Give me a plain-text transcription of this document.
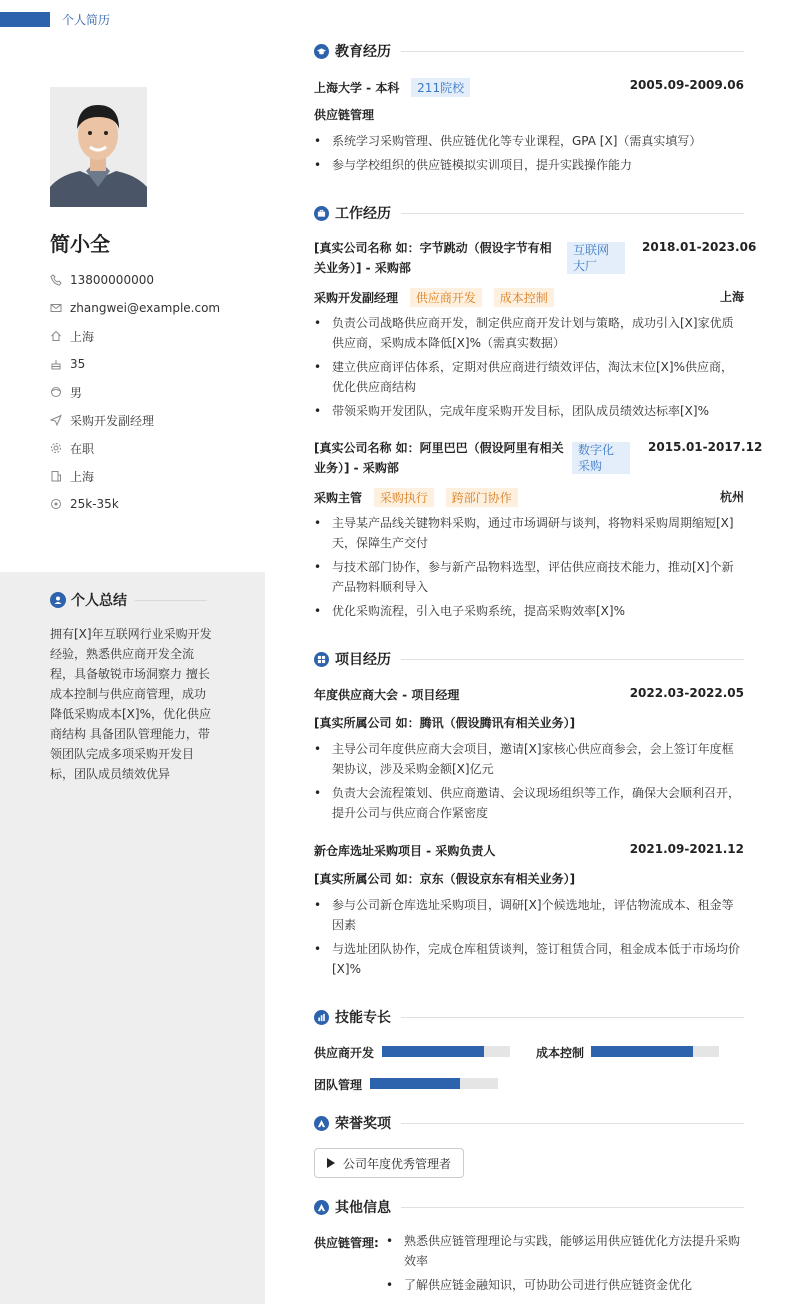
个人简历
简小全
13800000000
zhangwei@example.com
上海
35
男
采购开发副经理
在职
上海
25k-35k
个人总结
拥有[X]年互联网行业采购开发经验，熟悉供应商开发全流程，具备敏锐市场洞察力 擅长成本控制与供应商管理，成功降低采购成本[X]%，优化供应商结构 具备团队管理能力，带领团队完成多项采购开发目标，团队成员绩效优异
教育经历
上海大学 - 本科 211院校	2005.09-2009.06
供应链管理
• 系统学习采购管理、供应链优化等专业课程，GPA [X]（需真实填写）
• 参与学校组织的供应链模拟实训项目，提升实践操作能力
工作经历
[真实公司名称 如：字节跳动（假设字节有相关业务）] - 采购部
互联网大厂
2018.01-2023.06
采购开发副经理 供应商开发 成本控制	上海
• 负责公司战略供应商开发，制定供应商开发计划与策略，成功引入[X]家优质供应商，采购成本降低[X]%（需真实数据）
• 建立供应商评估体系，定期对供应商进行绩效评估，淘汰末位[X]%供应商，优化供应商结构
• 带领采购开发团队，完成年度采购开发目标，团队成员绩效达标率[X]%
[真实公司名称 如：阿里巴巴（假设阿里有相关业务）] - 采购部
数字化采购
2015.01-2017.12
采购主管 采购执行 跨部门协作	杭州
• 主导某产品线关键物料采购，通过市场调研与谈判，将物料采购周期缩短[X]天，保障生产交付
• 与技术部门协作，参与新产品物料选型，评估供应商技术能力，推动[X]个新产品物料顺利导入
• 优化采购流程，引入电子采购系统，提高采购效率[X]%
项目经历
年度供应商大会 - 项目经理	2022.03-2022.05
[真实所属公司 如：腾讯（假设腾讯有相关业务）]
• 主导公司年度供应商大会项目，邀请[X]家核心供应商参会，会上签订年度框架协议，涉及采购金额[X]亿元
• 负责大会流程策划、供应商邀请、会议现场组织等工作，确保大会顺利召开，提升公司与供应商合作紧密度
新仓库选址采购项目 - 采购负责人	2021.09-2021.12
[真实所属公司 如：京东（假设京东有相关业务）]
• 参与公司新仓库选址采购项目，调研[X]个候选地址，评估物流成本、租金等因素
• 与选址团队协作，完成仓库租赁谈判，签订租赁合同，租金成本低于市场均价[X]%
技能专长
供应商开发	成本控制
团队管理
荣誉奖项
公司年度优秀管理者
其他信息
供应链管理:
•	熟悉供应链管理理论与实践，能够运用供应链优化方法提升采购效率
• 了解供应链金融知识，可协助公司进行供应链资金优化
